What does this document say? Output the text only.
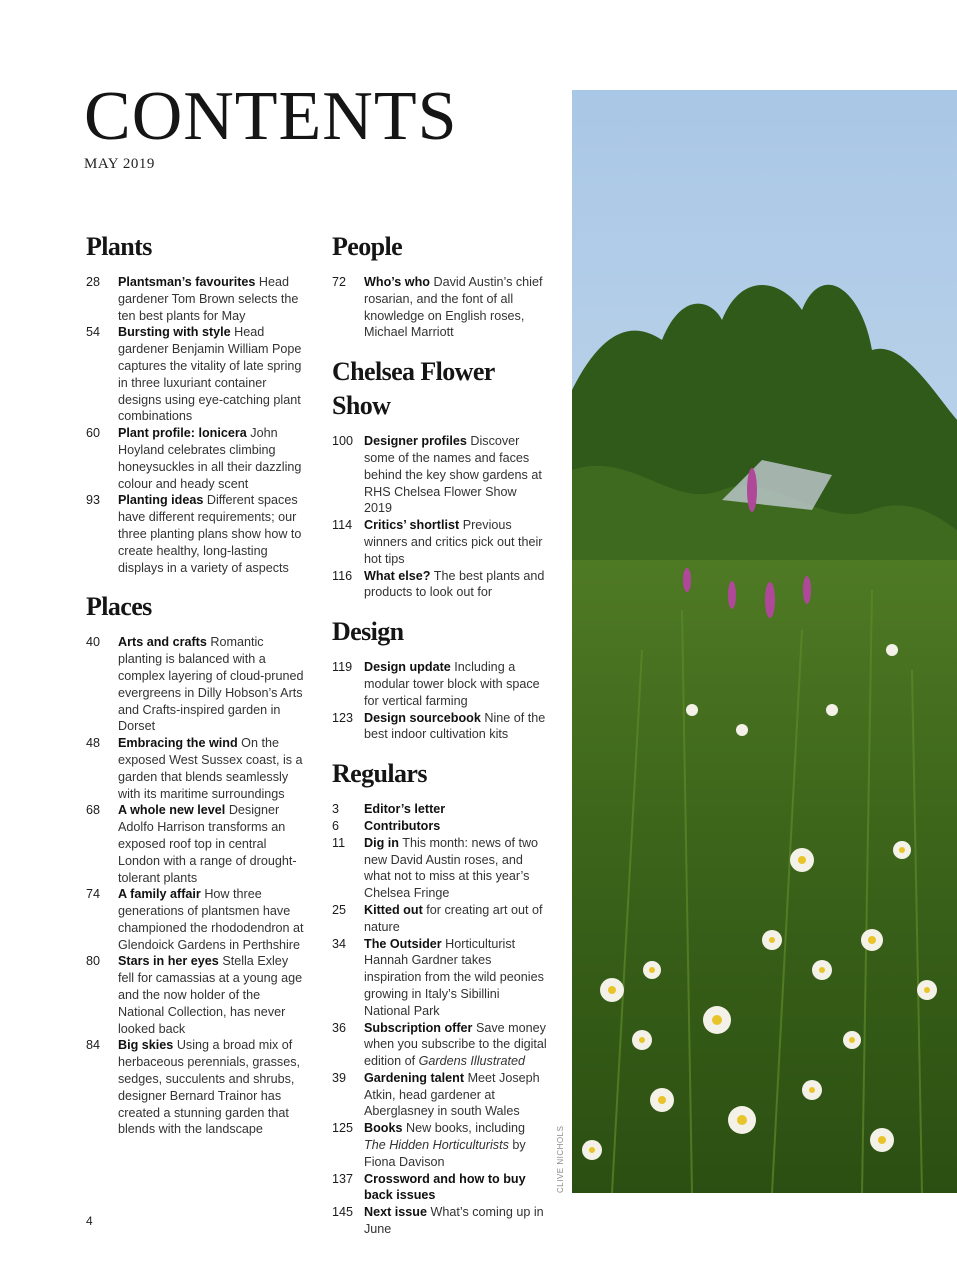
CONTENTS
MAY 2019
Plants
28	Plantsman’s favourites Head gardener Tom Brown selects the ten best plants for May
54	Bursting with style Head gardener Benjamin William Pope captures the vitality of late spring in three luxuriant container designs using eye-catching plant combinations
60	Plant profile: lonicera John Hoyland celebrates climbing honeysuckles in all their dazzling colour and heady scent
93	Planting ideas Different spaces have different requirements; our three planting plans show how to create healthy, long-lasting displays in a variety of aspects
Places
40	Arts and crafts Romantic planting is balanced with a complex layering of cloud-pruned evergreens in Dilly Hobson’s Arts and Crafts-inspired garden in Dorset
48	Embracing the wind On the exposed West Sussex coast, is a garden that blends seamlessly with its maritime surroundings
68	A whole new level Designer Adolfo Harrison transforms an exposed roof top in central London with a range of drought-tolerant plants
74	A family affair How three generations of plantsmen have championed the rhododendron at Glendoick Gardens in Perthshire
80	Stars in her eyes Stella Exley fell for camassias at a young age and the now holder of the National Collection, has never looked back
84	Big skies Using a broad mix of herbaceous perennials, grasses, sedges, succulents and shrubs, designer Bernard Trainor has created a stunning garden that blends with the landscape
People
72	Who’s who David Austin’s chief rosarian, and the font of all knowledge on English roses, Michael Marriott
Chelsea Flower Show
100 Designer profiles Discover some of the names and faces behind the key show gardens at RHS Chelsea Flower Show 2019
114 Critics’ shortlist Previous winners and critics pick out their hot tips
116 What else? The best plants and products to look out for
Design
119 Design update Including a modular tower block with space for vertical farming
123 Design sourcebook Nine of the best indoor cultivation kits
Regulars
3	Editor’s letter
6	Contributors
11	Dig in This month: news of two new David Austin roses, and what not to miss at this year’s Chelsea Fringe
25	Kitted out for creating art out of nature
34	The Outsider Horticulturist Hannah Gardner takes inspiration from the wild peonies growing in Italy’s Sibillini National Park
36	Subscription offer Save money when you subscribe to the digital edition of Gardens Illustrated
39	Gardening talent Meet Joseph Atkin, head gardener at Aberglasney in south Wales
125 Books New books, including The Hidden Horticulturists by Fiona Davison
137 Crossword and how to buy back issues
145 Next issue What’s coming up in June
CLIVE NICHOLS
4
